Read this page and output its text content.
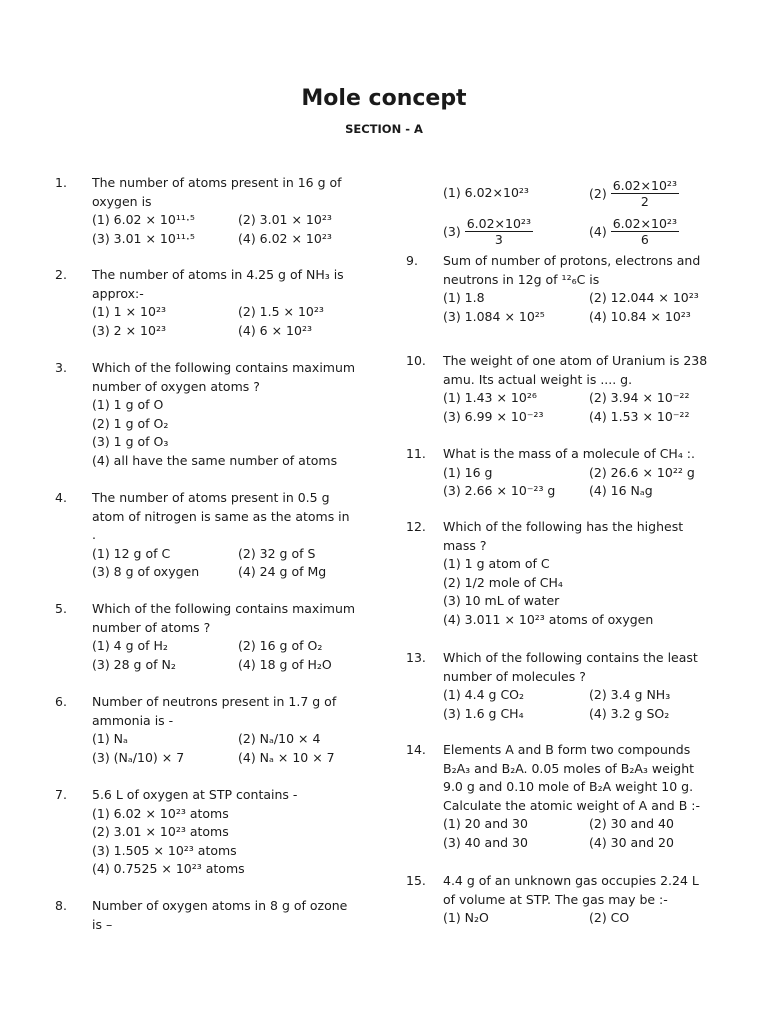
Mole concept
SECTION - A
1. The number of atoms present in 16 g of
oxygen is
(1) 6.02 × 10¹¹·⁵	(2) 3.01 × 10²³
(3) 3.01 × 10¹¹·⁵	(4) 6.02 × 10²³
2. The number of atoms in 4.25 g of NH₃ is
approx:-
(1) 1 × 10²³	(2) 1.5 × 10²³
(3) 2 × 10²³	(4) 6 × 10²³
3. Which of the following contains maximum
number of oxygen atoms ?
(1) 1 g of O
(2) 1 g of O₂
(3) 1 g of O₃
(4) all have the same number of atoms
4. The number of atoms present in 0.5 g
atom of nitrogen is same as the atoms in
.
(1) 12 g of C	(2) 32 g of S
(3) 8 g of oxygen	(4) 24 g of Mg
5. Which of the following contains maximum
number of atoms ?
(1) 4 g of H₂	(2) 16 g of O₂
(3) 28 g of N₂	(4) 18 g of H₂O
6. Number of neutrons present in 1.7 g of
ammonia is -
(1) Nₐ	(2) Nₐ/10 × 4
(3) (Nₐ/10) × 7	(4) Nₐ × 10 × 7
7. 5.6 L of oxygen at STP contains -
(1) 6.02 × 10²³ atoms
(2) 3.01 × 10²³ atoms
(3) 1.505 × 10²³ atoms
(4) 0.7525 × 10²³ atoms
8. Number of oxygen atoms in 8 g of ozone
is –
9. Sum of number of protons, electrons and
neutrons in 12g of ¹²₆C is
(1) 1.8	(2) 12.044 × 10²³
(3) 1.084 × 10²⁵	(4) 10.84 × 10²³
10. The weight of one atom of Uranium is 238
amu. Its actual weight is .... g.
(1) 1.43 × 10²⁶	(2) 3.94 × 10⁻²²
(3) 6.99 × 10⁻²³	(4) 1.53 × 10⁻²²
11. What is the mass of a molecule of CH₄ :.
(1) 16 g	(2) 26.6 × 10²² g
(3) 2.66 × 10⁻²³ g	(4) 16 Nₐg
12. Which of the following has the highest
mass ?
(1) 1 g atom of C
(2) 1/2 mole of CH₄
(3) 10 mL of water
(4) 3.011 × 10²³ atoms of oxygen
13. Which of the following contains the least
number of molecules ?
(1) 4.4 g CO₂	(2) 3.4 g NH₃
(3) 1.6 g CH₄	(4) 3.2 g SO₂
14. Elements A and B form two compounds
B₂A₃ and B₂A. 0.05 moles of B₂A₃ weight
9.0 g and 0.10 mole of B₂A weight 10 g.
Calculate the atomic weight of A and B :-
(1) 20 and 30	(2) 30 and 40
(3) 40 and 30	(4) 30 and 20
15. 4.4 g of an unknown gas occupies 2.24 L
of volume at STP. The gas may be :-
(1) N₂O	(2) CO
(1) 6.02×10²³	$(2) \frac{\text{6.02×10²³}}{2}$
$(3) \frac{\text{6.02×10²³}}{3}$	$(4) \frac{\text{6.02×10²³}}{6}$
